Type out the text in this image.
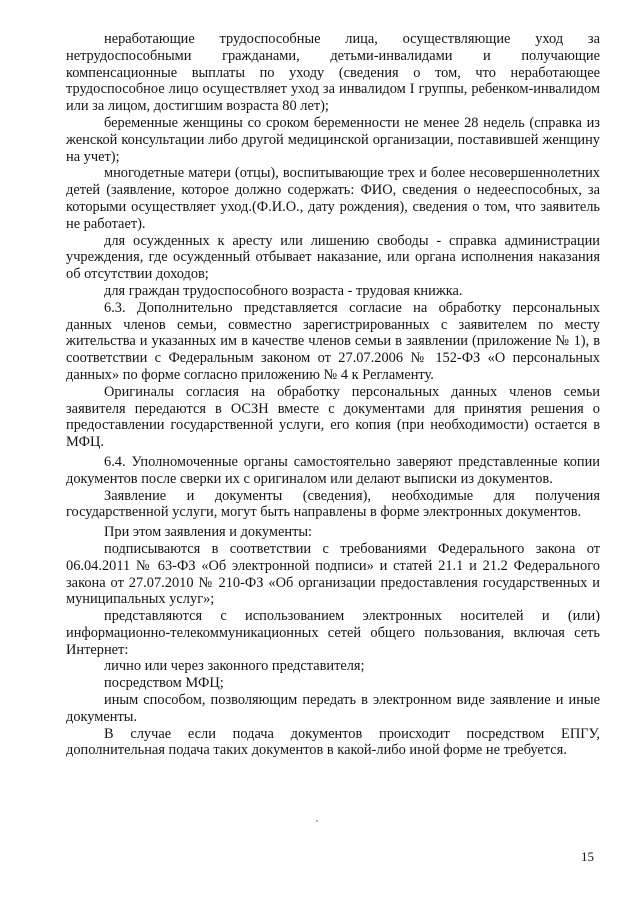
неработающие трудоспособные лица, осуществляющие уход за нетрудоспособными гражданами, детьми-инвалидами и получающие компенсационные выплаты по уходу (сведения о том, что неработающее трудоспособное лицо осуществляет уход за инвалидом I группы, ребенком-инвалидом или за лицом, достигшим возраста 80 лет);

беременные женщины со сроком беременности не менее 28 недель (справка из женской консультации либо другой медицинской организации, поставившей женщину на учет);

многодетные матери (отцы), воспитывающие трех и более несовершеннолетних детей (заявление, которое должно содержать: ФИО, сведения о недееспособных, за которыми осуществляет уход.(Ф.И.О., дату рождения), сведения о том, что заявитель не работает).

для осужденных к аресту или лишению свободы - справка администрации учреждения, где осужденный отбывает наказание, или органа исполнения наказания об отсутствии доходов;

для граждан трудоспособного возраста - трудовая книжка.

6.3. Дополнительно представляется согласие на обработку персональных данных членов семьи, совместно зарегистрированных с заявителем по месту жительства и указанных им в качестве членов семьи в заявлении (приложение № 1), в соответствии с Федеральным законом от 27.07.2006 № 152-ФЗ «О персональных данных» по форме согласно приложению № 4 к Регламенту.

Оригиналы согласия на обработку персональных данных членов семьи заявителя передаются в ОСЗН вместе с документами для принятия решения о предоставлении государственной услуги, его копия (при необходимости) остается в МФЦ.

6.4. Уполномоченные органы самостоятельно заверяют представленные копии документов после сверки их с оригиналом или делают выписки из документов.

Заявление и документы (сведения), необходимые для получения государственной услуги, могут быть направлены в форме электронных документов.

При этом заявления и документы:

подписываются в соответствии с требованиями Федерального закона от 06.04.2011 № 63-ФЗ «Об электронной подписи» и статей 21.1 и 21.2 Федерального закона от 27.07.2010 № 210-ФЗ «Об организации предоставления государственных и муниципальных услуг»;

представляются с использованием электронных носителей и (или) информационно-телекоммуникационных сетей общего пользования, включая сеть Интернет:

лично или через законного представителя;

посредством МФЦ;

иным способом, позволяющим передать в электронном виде заявление и иные документы.

В случае если подача документов происходит посредством ЕПГУ, дополнительная подача таких документов в какой-либо иной форме не требуется.

15
